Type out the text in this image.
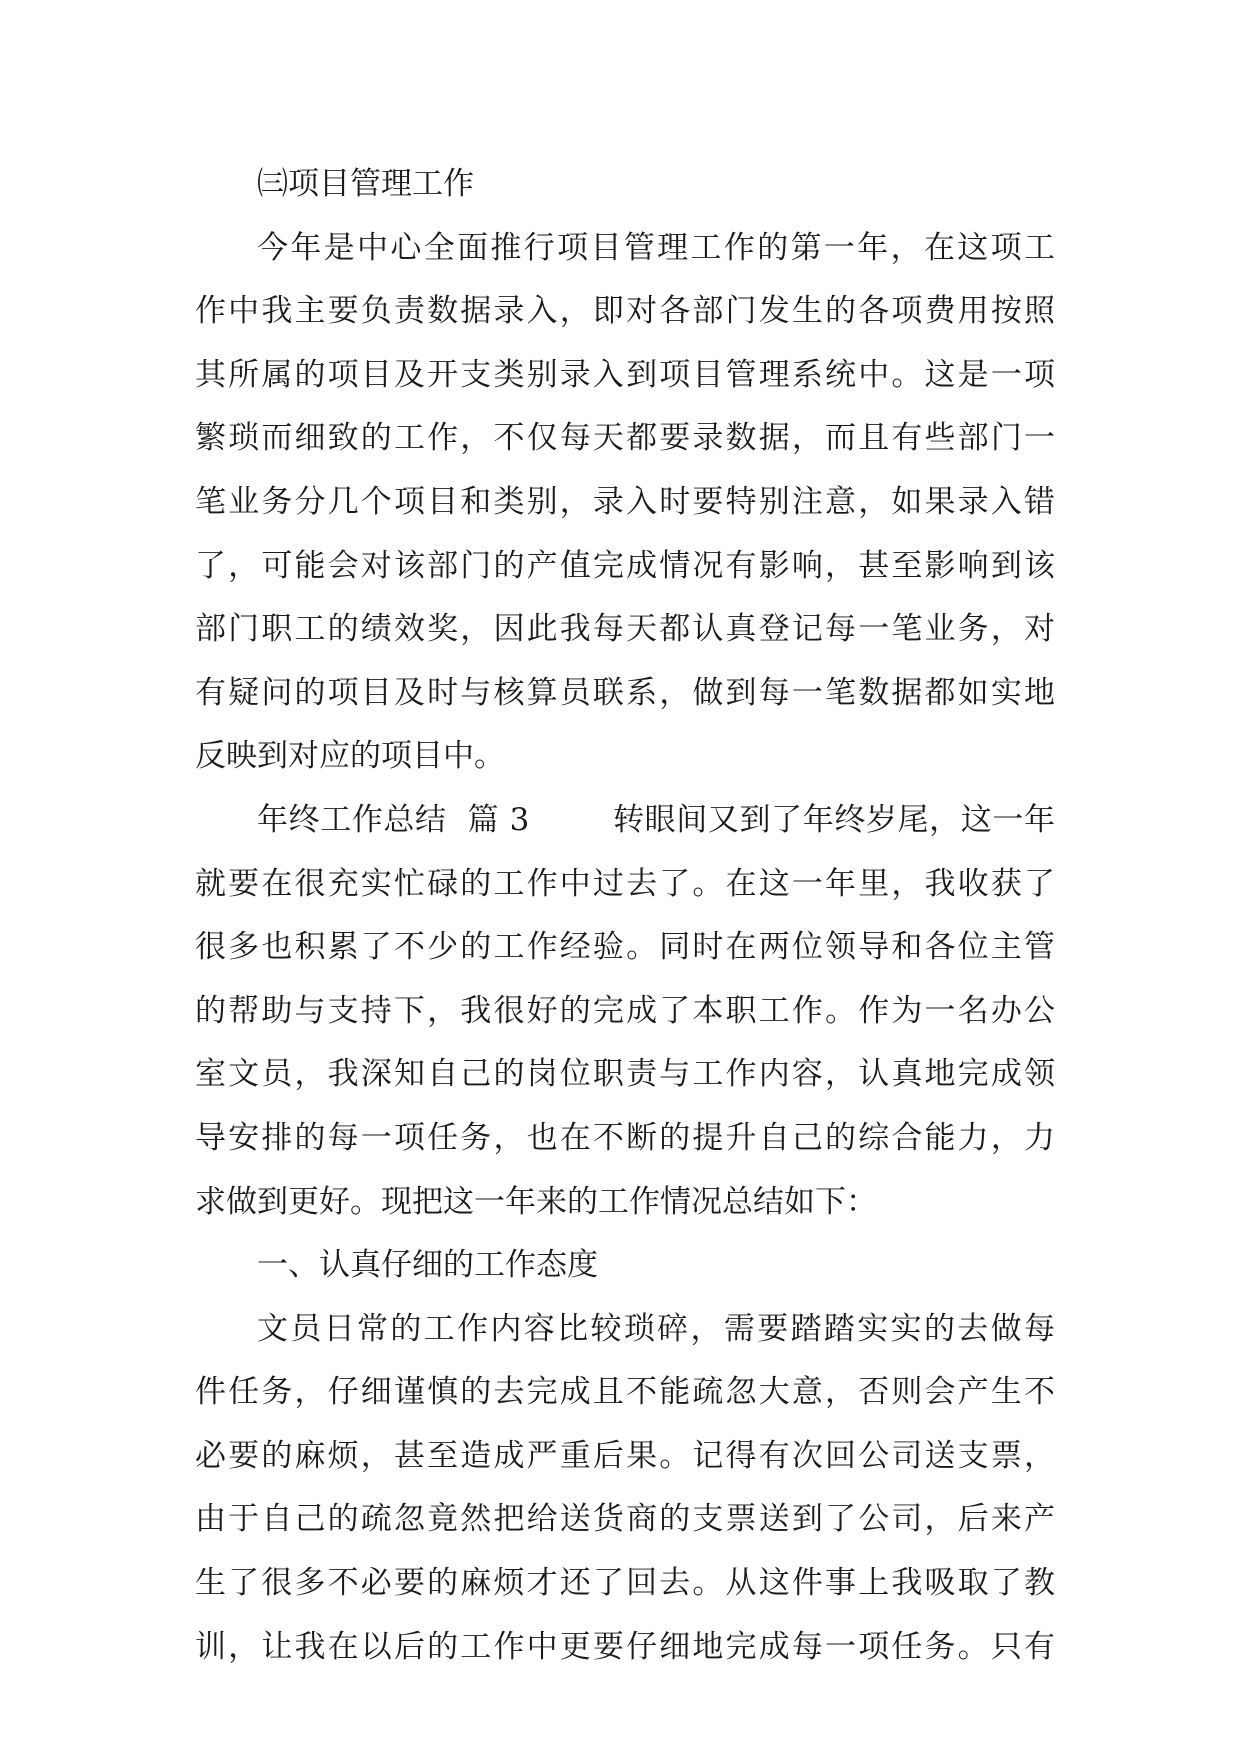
㈢项目管理工作
今年是中心全面推行项目管理工作的第一年，在这项工
作中我主要负责数据录入，即对各部门发生的各项费用按照
其所属的项目及开支类别录入到项目管理系统中。这是一项
繁琐而细致的工作，不仅每天都要录数据，而且有些部门一
笔业务分几个项目和类别，录入时要特别注意，如果录入错
了，可能会对该部门的产值完成情况有影响，甚至影响到该
部门职工的绩效奖，因此我每天都认真登记每一笔业务，对
有疑问的项目及时与核算员联系，做到每一笔数据都如实地
反映到对应的项目中。
年终工作总结  篇 3        转眼间又到了年终岁尾，这一年
就要在很充实忙碌的工作中过去了。在这一年里，我收获了
很多也积累了不少的工作经验。同时在两位领导和各位主管
的帮助与支持下，我很好的完成了本职工作。作为一名办公
室文员，我深知自己的岗位职责与工作内容，认真地完成领
导安排的每一项任务，也在不断的提升自己的综合能力，力
求做到更好。现把这一年来的工作情况总结如下：
一、认真仔细的工作态度
文员日常的工作内容比较琐碎，需要踏踏实实的去做每
件任务，仔细谨慎的去完成且不能疏忽大意，否则会产生不
必要的麻烦，甚至造成严重后果。记得有次回公司送支票，
由于自己的疏忽竟然把给送货商的支票送到了公司，后来产
生了很多不必要的麻烦才还了回去。从这件事上我吸取了教
训，让我在以后的工作中更要仔细地完成每一项任务。只有
